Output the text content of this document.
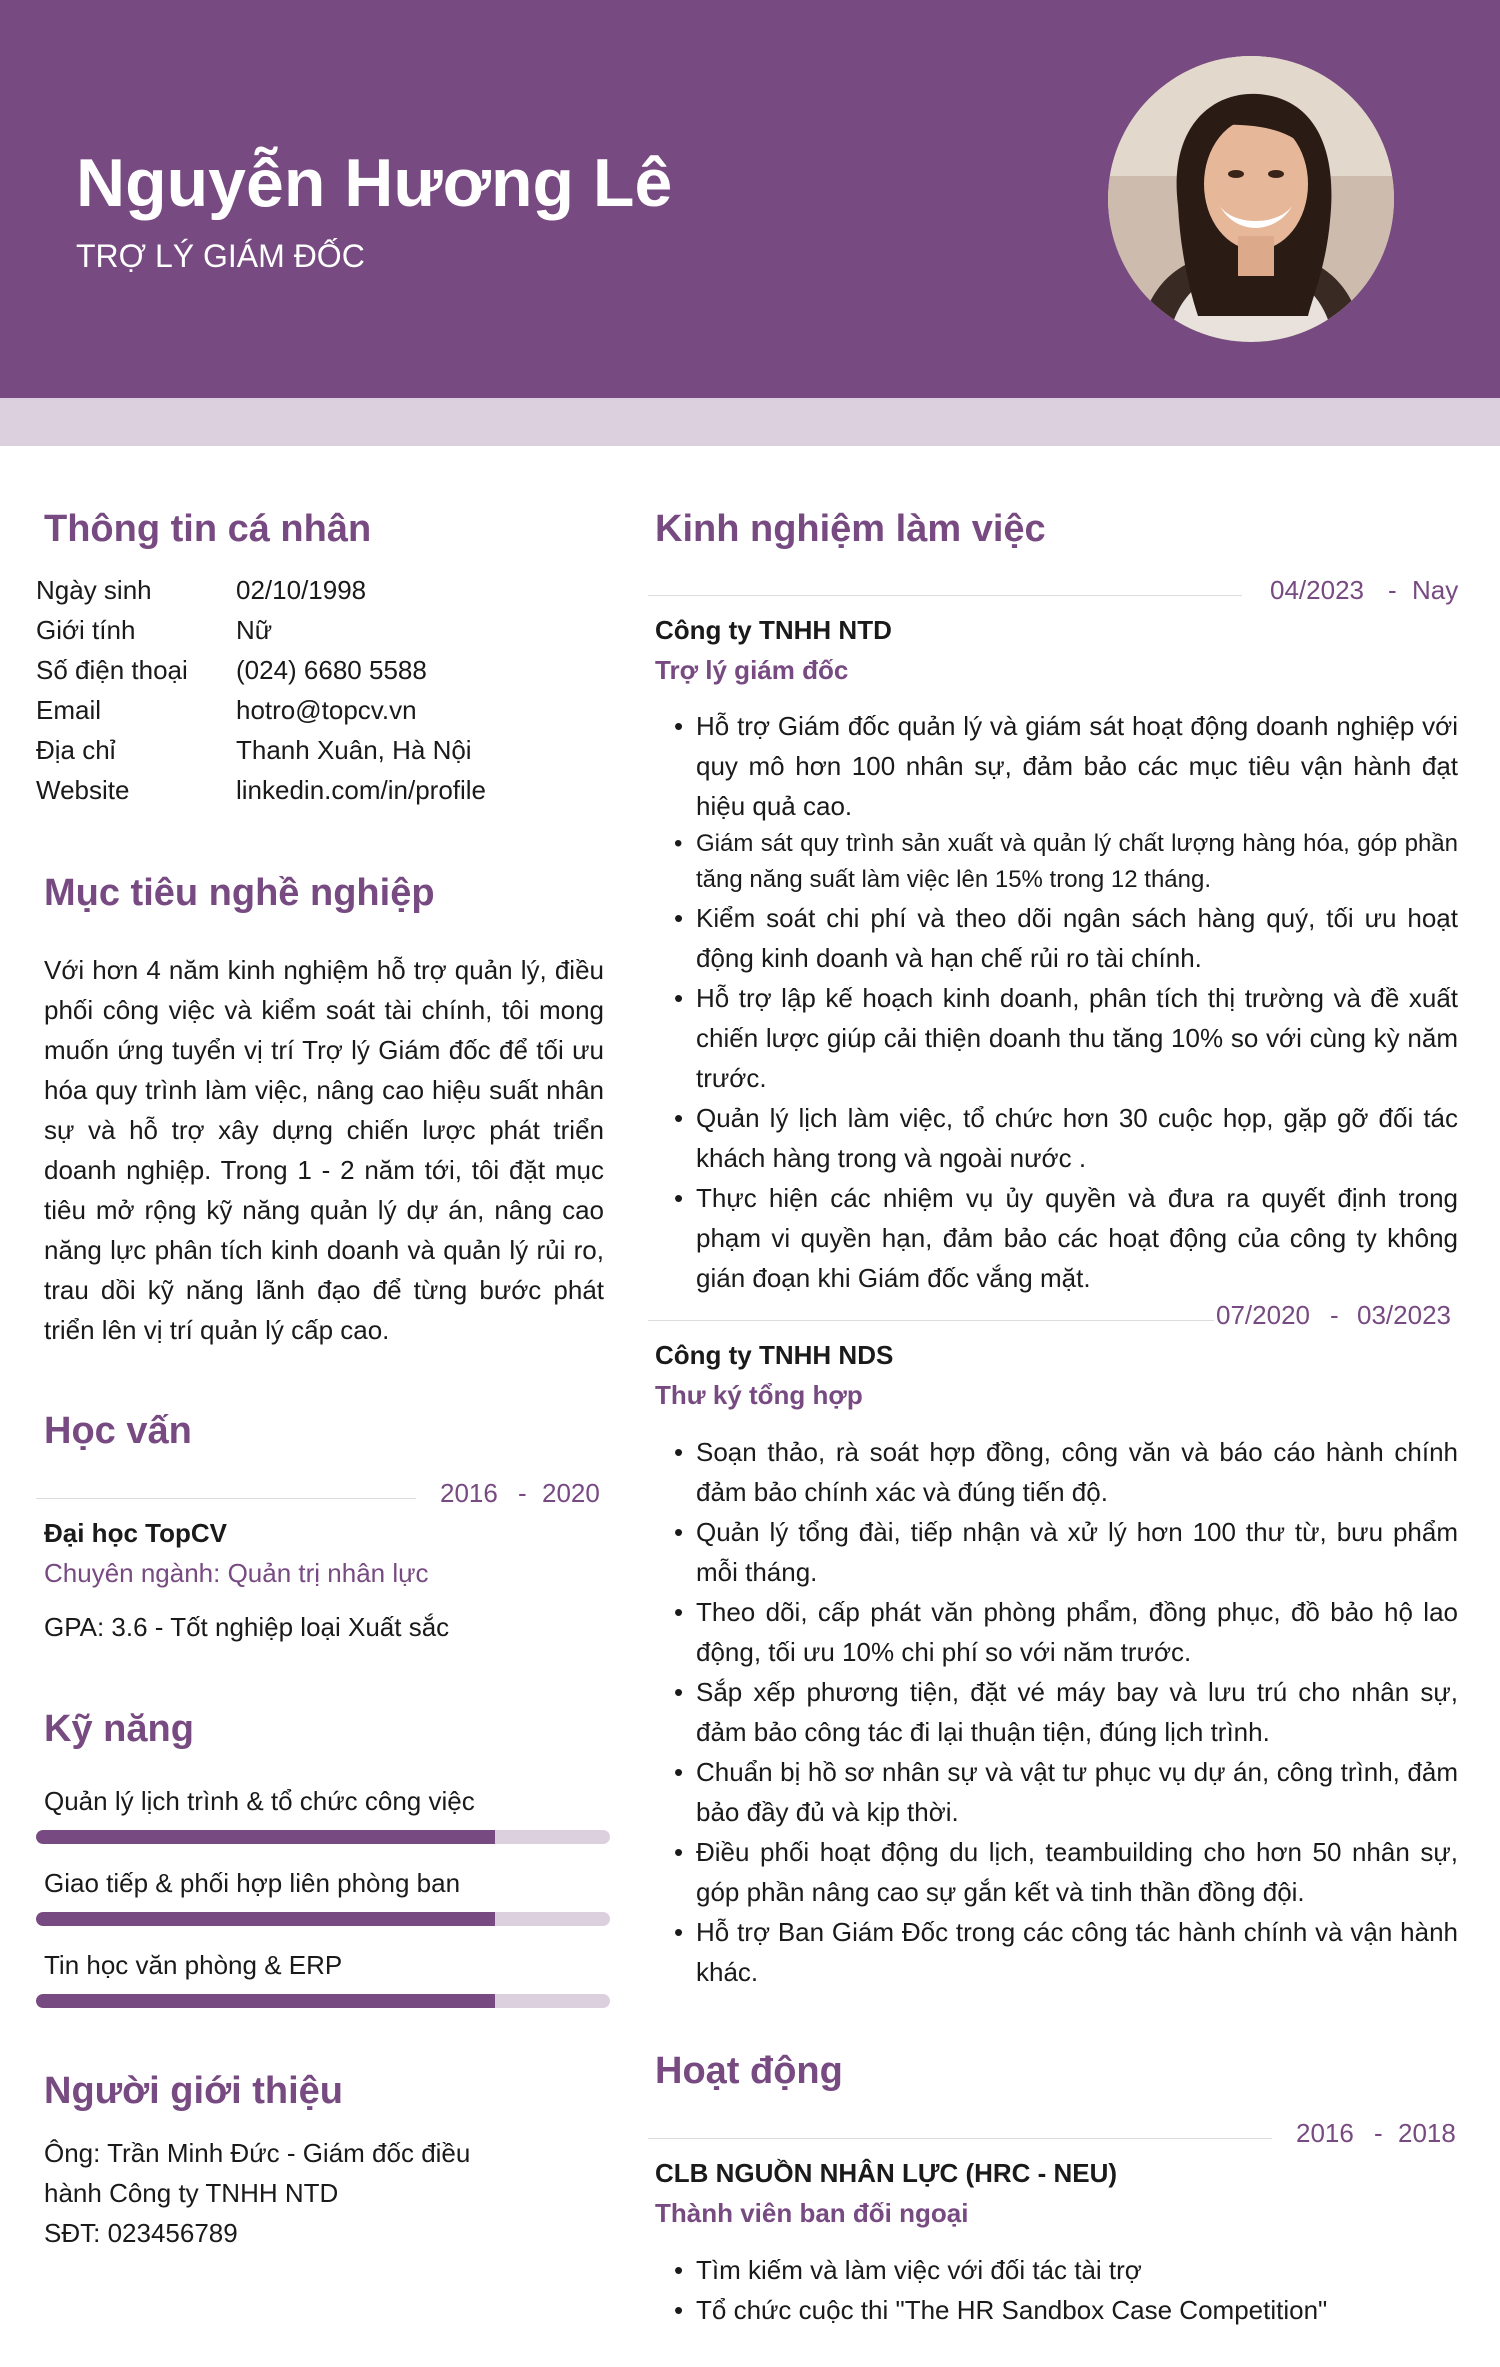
Nguyễn Hương Lê
TRỢ LÝ GIÁM ĐỐC
Thông tin cá nhân
Ngày sinh	02/10/1998
Giới tính	Nữ
Số điện thoại (024) 6680 5588
Email	hotro@topcv.vn
Địa chỉ	Thanh Xuân, Hà Nội
Website	linkedin.com/in/profile
Mục tiêu nghề nghiệp
Với hơn 4 năm kinh nghiệm hỗ trợ quản lý, điều phối công việc và kiểm soát tài chính, tôi mong muốn ứng tuyển vị trí Trợ lý Giám đốc để tối ưu hóa quy trình làm việc, nâng cao hiệu suất nhân sự và hỗ trợ xây dựng chiến lược phát triển doanh nghiệp. Trong 1 - 2 năm tới, tôi đặt mục tiêu mở rộng kỹ năng quản lý dự án, nâng cao năng lực phân tích kinh doanh và quản lý rủi ro, trau dồi kỹ năng lãnh đạo để từng bước phát triển lên vị trí quản lý cấp cao.
Học vấn
2016 - 2020
Đại học TopCV
Chuyên ngành: Quản trị nhân lực
GPA: 3.6 - Tốt nghiệp loại Xuất sắc
Kỹ năng
Quản lý lịch trình & tổ chức công việc
Giao tiếp & phối hợp liên phòng ban
Tin học văn phòng & ERP
Người giới thiệu
Ông: Trần Minh Đức - Giám đốc điều
hành Công ty TNHH NTD
SĐT: 023456789
Kinh nghiệm làm việc
04/2023 - Nay
Công ty TNHH NTD
Trợ lý giám đốc
• Hỗ trợ Giám đốc quản lý và giám sát hoạt động doanh nghiệp với quy mô hơn 100 nhân sự, đảm bảo các mục tiêu vận hành đạt hiệu quả cao.
• Giám sát quy trình sản xuất và quản lý chất lượng hàng hóa, góp phần tăng năng suất làm việc lên 15% trong 12 tháng.
• Kiểm soát chi phí và theo dõi ngân sách hàng quý, tối ưu hoạt động kinh doanh và hạn chế rủi ro tài chính.
• Hỗ trợ lập kế hoạch kinh doanh, phân tích thị trường và đề xuất chiến lược giúp cải thiện doanh thu tăng 10% so với cùng kỳ năm trước.
• Quản lý lịch làm việc, tổ chức hơn 30 cuộc họp, gặp gỡ đối tác khách hàng trong và ngoài nước .
• Thực hiện các nhiệm vụ ủy quyền và đưa ra quyết định trong phạm vi quyền hạn, đảm bảo các hoạt động của công ty không gián đoạn khi Giám đốc vắng mặt.
07/2020 - 03/2023
Công ty TNHH NDS
Thư ký tổng hợp
• Soạn thảo, rà soát hợp đồng, công văn và báo cáo hành chính đảm bảo chính xác và đúng tiến độ.
• Quản lý tổng đài, tiếp nhận và xử lý hơn 100 thư từ, bưu phẩm mỗi tháng.
• Theo dõi, cấp phát văn phòng phẩm, đồng phục, đồ bảo hộ lao động, tối ưu 10% chi phí so với năm trước.
• Sắp xếp phương tiện, đặt vé máy bay và lưu trú cho nhân sự, đảm bảo công tác đi lại thuận tiện, đúng lịch trình.
• Chuẩn bị hồ sơ nhân sự và vật tư phục vụ dự án, công trình, đảm bảo đầy đủ và kịp thời.
• Điều phối hoạt động du lịch, teambuilding cho hơn 50 nhân sự, góp phần nâng cao sự gắn kết và tinh thần đồng đội.
• Hỗ trợ Ban Giám Đốc trong các công tác hành chính và vận hành khác.
Hoạt động
2016 - 2018
CLB NGUỒN NHÂN LỰC (HRC - NEU)
Thành viên ban đối ngoại
• Tìm kiếm và làm việc với đối tác tài trợ
• Tổ chức cuộc thi "The HR Sandbox Case Competition"
